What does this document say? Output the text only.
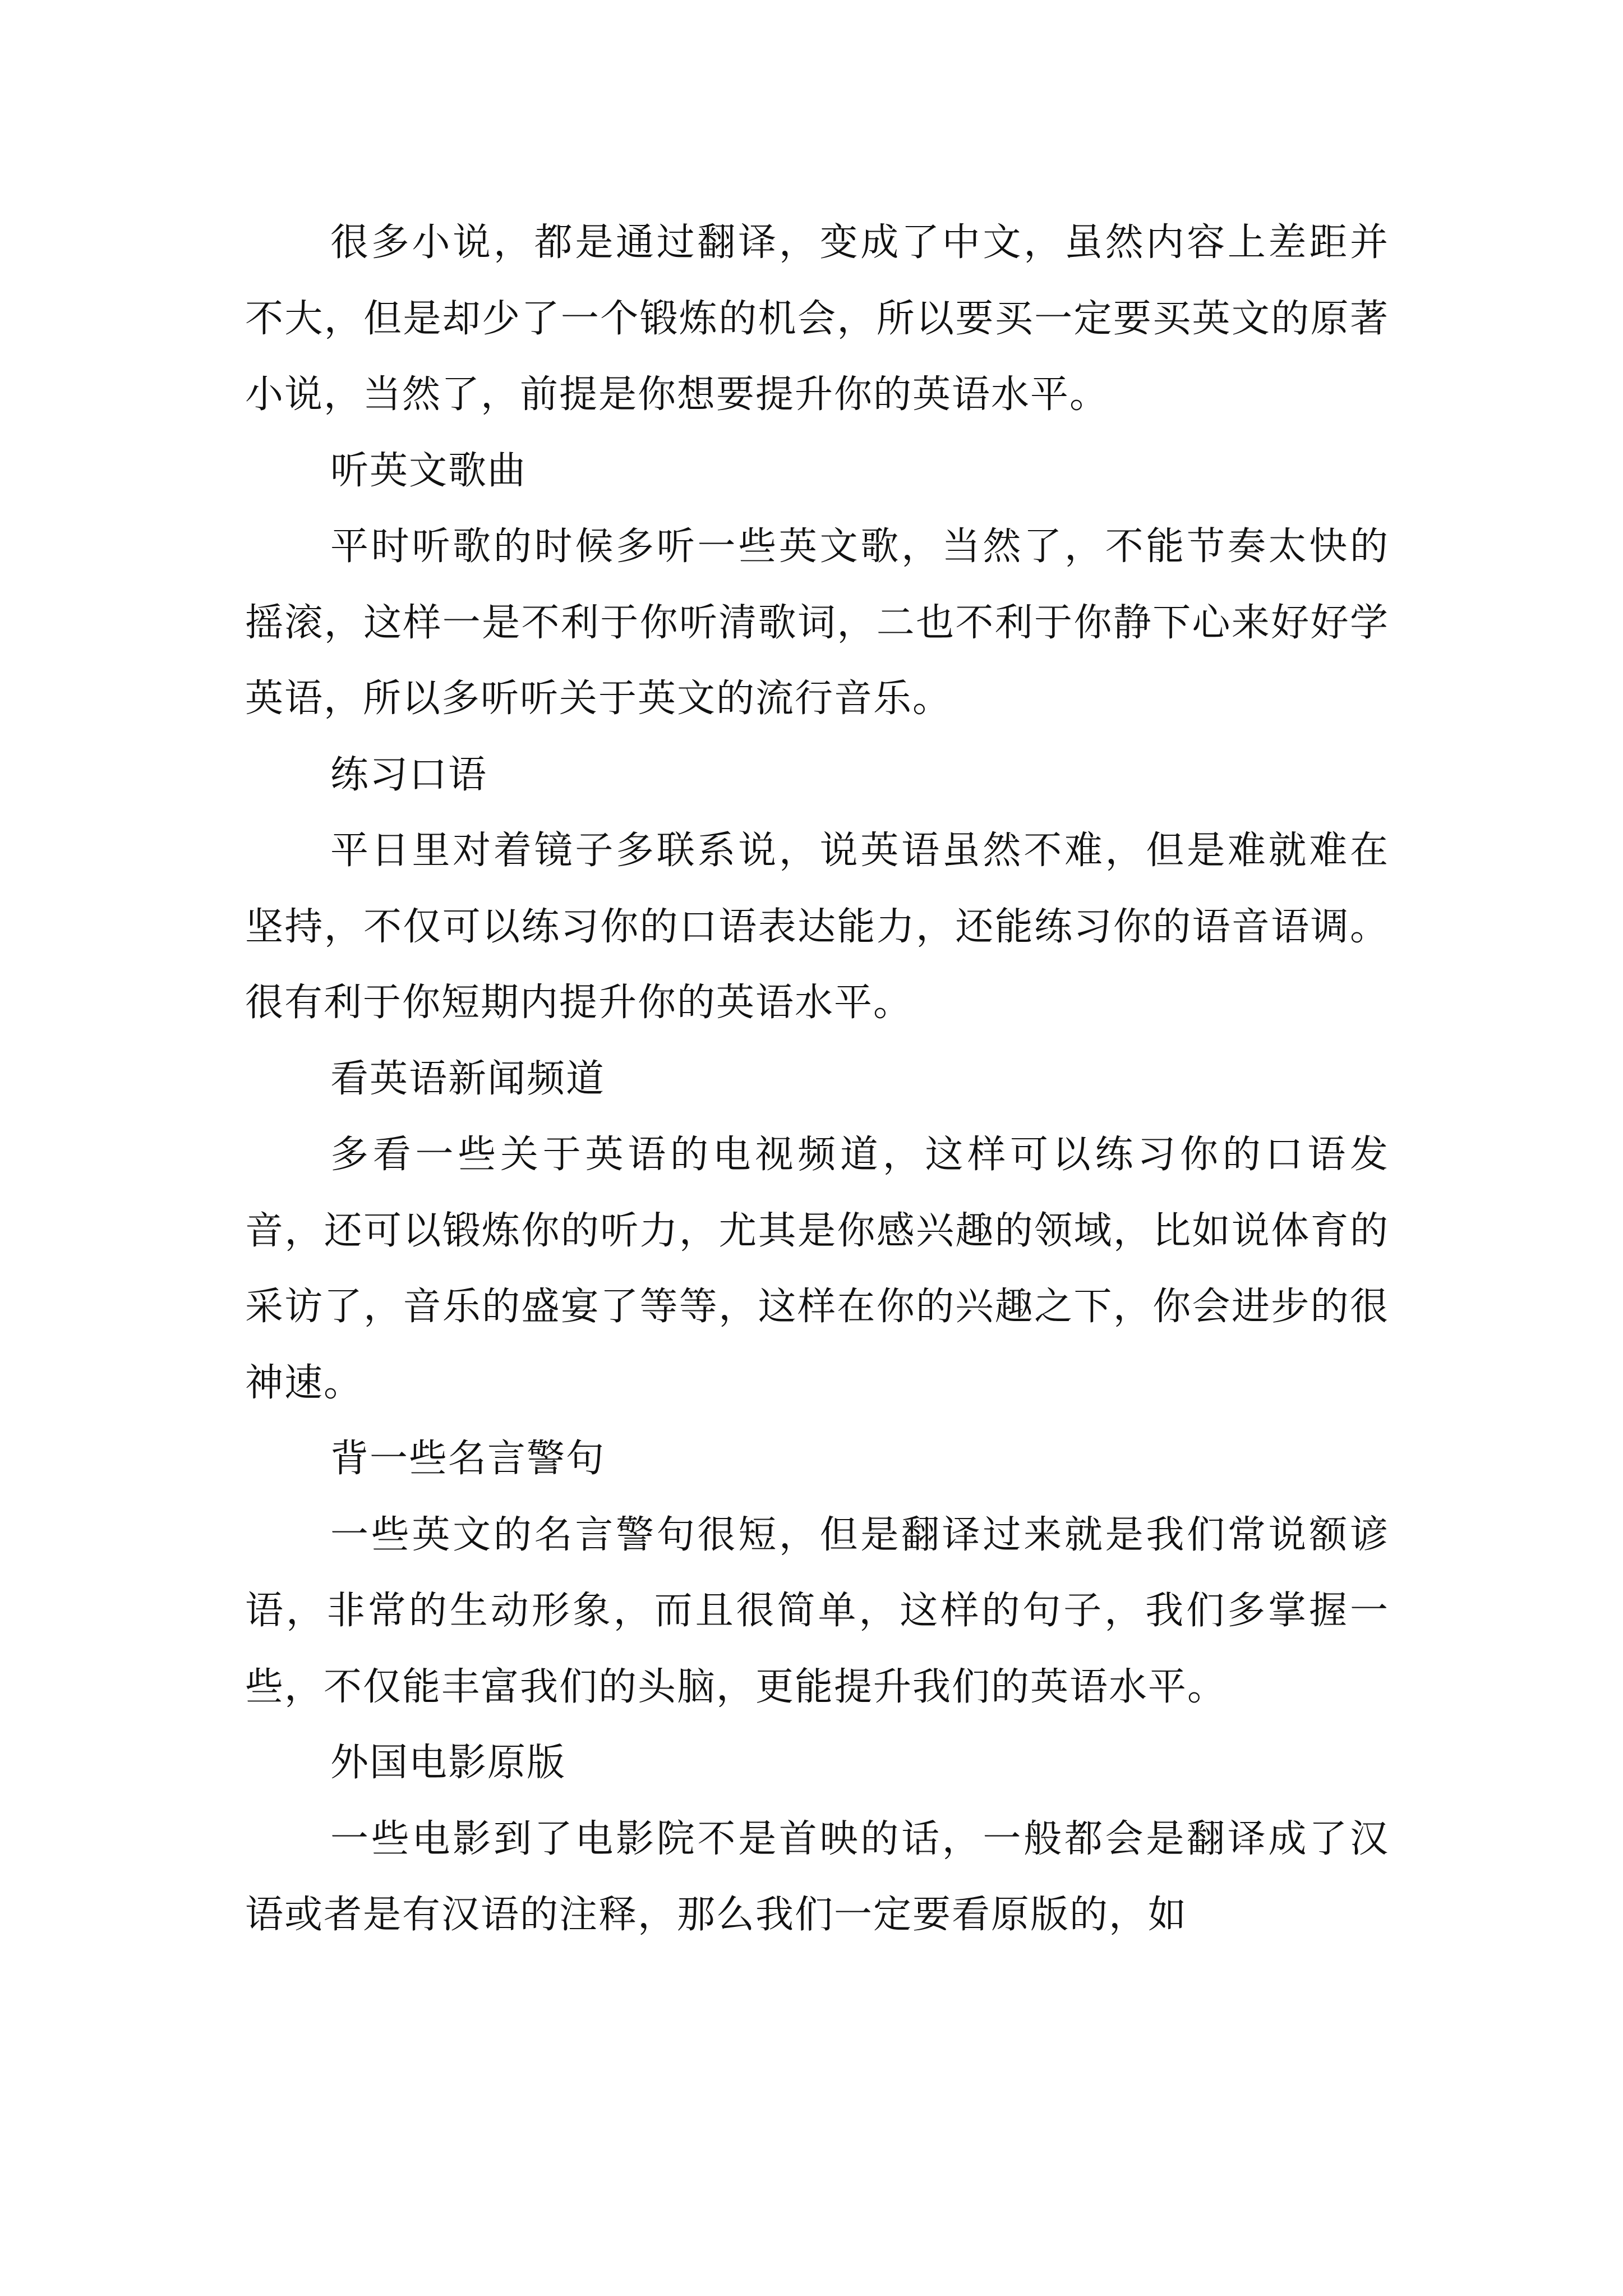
很多小说，都是通过翻译，变成了中文，虽然内容上差距并不大，但是却少了一个锻炼的机会，所以要买一定要买英文的原著小说，当然了，前提是你想要提升你的英语水平。

听英文歌曲

平时听歌的时候多听一些英文歌，当然了，不能节奏太快的摇滚，这样一是不利于你听清歌词，二也不利于你静下心来好好学英语，所以多听听关于英文的流行音乐。

练习口语

平日里对着镜子多联系说，说英语虽然不难，但是难就难在坚持，不仅可以练习你的口语表达能力，还能练习你的语音语调。很有利于你短期内提升你的英语水平。

看英语新闻频道

多看一些关于英语的电视频道，这样可以练习你的口语发音，还可以锻炼你的听力，尤其是你感兴趣的领域，比如说体育的采访了，音乐的盛宴了等等，这样在你的兴趣之下，你会进步的很神速。

背一些名言警句

一些英文的名言警句很短，但是翻译过来就是我们常说额谚语，非常的生动形象，而且很简单，这样的句子，我们多掌握一些，不仅能丰富我们的头脑，更能提升我们的英语水平。

外国电影原版

一些电影到了电影院不是首映的话，一般都会是翻译成了汉语或者是有汉语的注释，那么我们一定要看原版的，如
